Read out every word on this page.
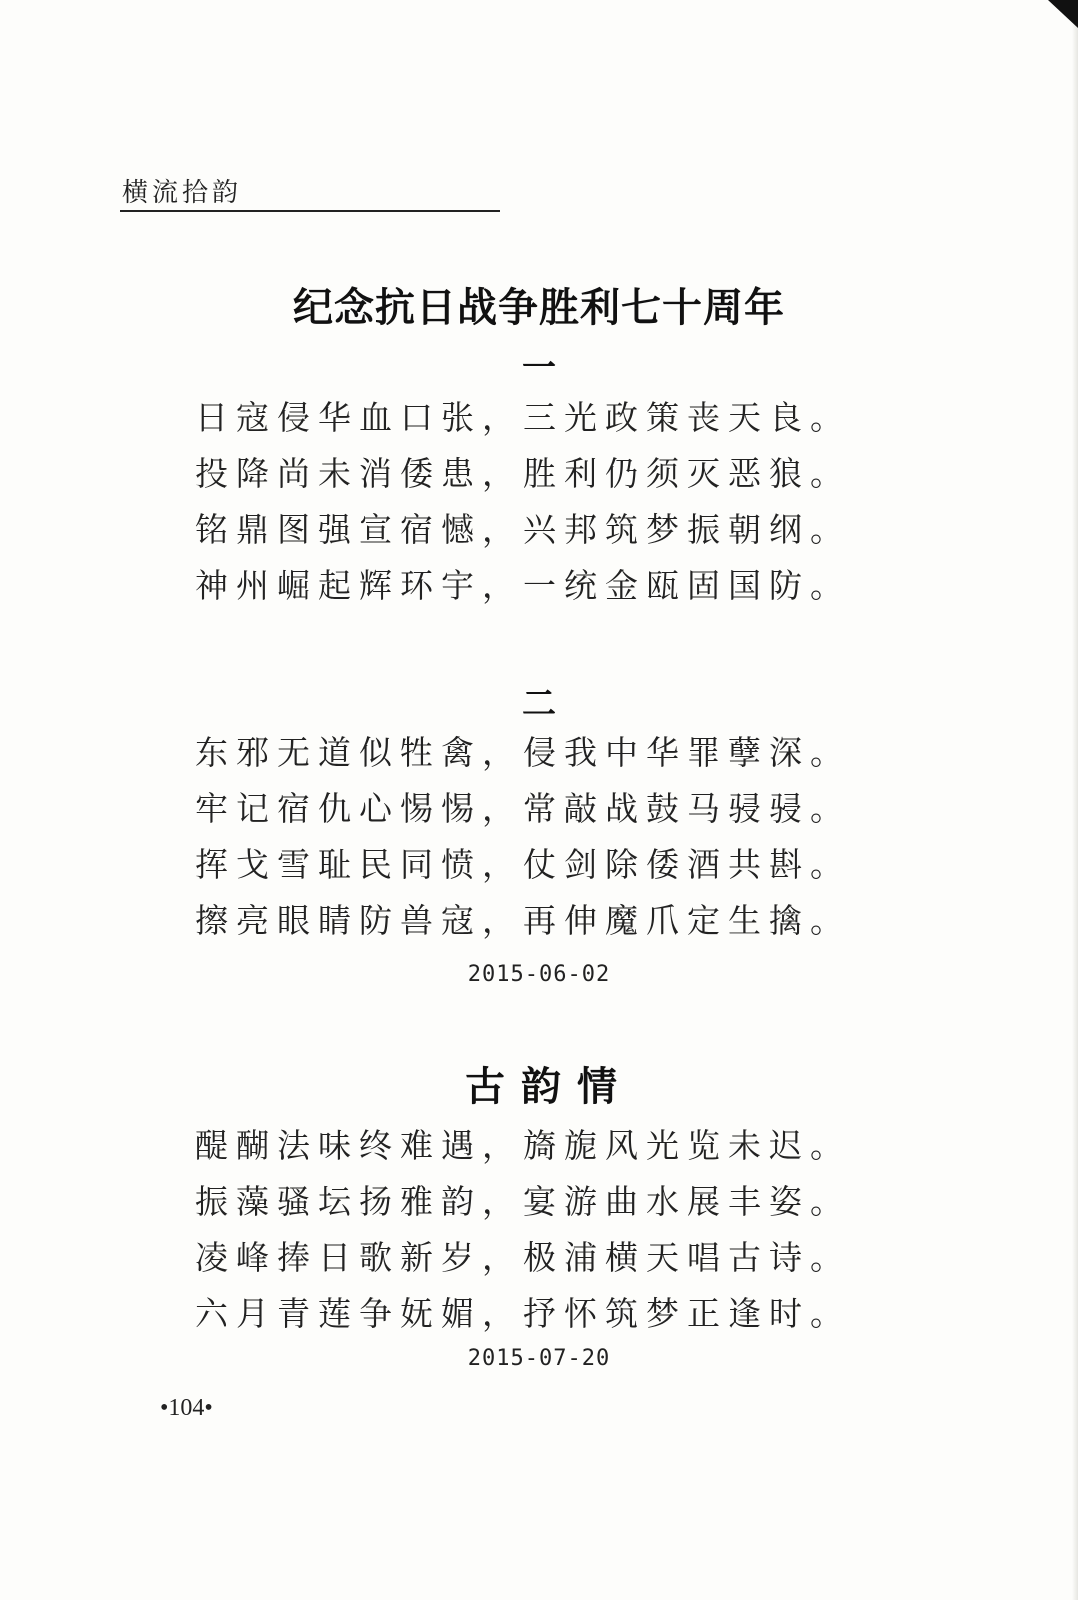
横流拾韵
纪念抗日战争胜利七十周年
一
日寇侵华血口张，三光政策丧天良。
投降尚未消倭患，胜利仍须灭恶狼。
铭鼎图强宣宿憾，兴邦筑梦振朝纲。
神州崛起辉环宇，一统金瓯固国防。
二
东邪无道似牲禽，侵我中华罪孽深。
牢记宿仇心惕惕，常敲战鼓马骎骎。
挥戈雪耻民同愤，仗剑除倭酒共斟。
擦亮眼睛防兽寇，再伸魔爪定生擒。
2015-06-02
古韵情
醍醐法味终难遇，旖旎风光览未迟。
振藻骚坛扬雅韵，宴游曲水展丰姿。
凌峰捧日歌新岁，极浦横天唱古诗。
六月青莲争妩媚，抒怀筑梦正逢时。
2015-07-20
•104•
